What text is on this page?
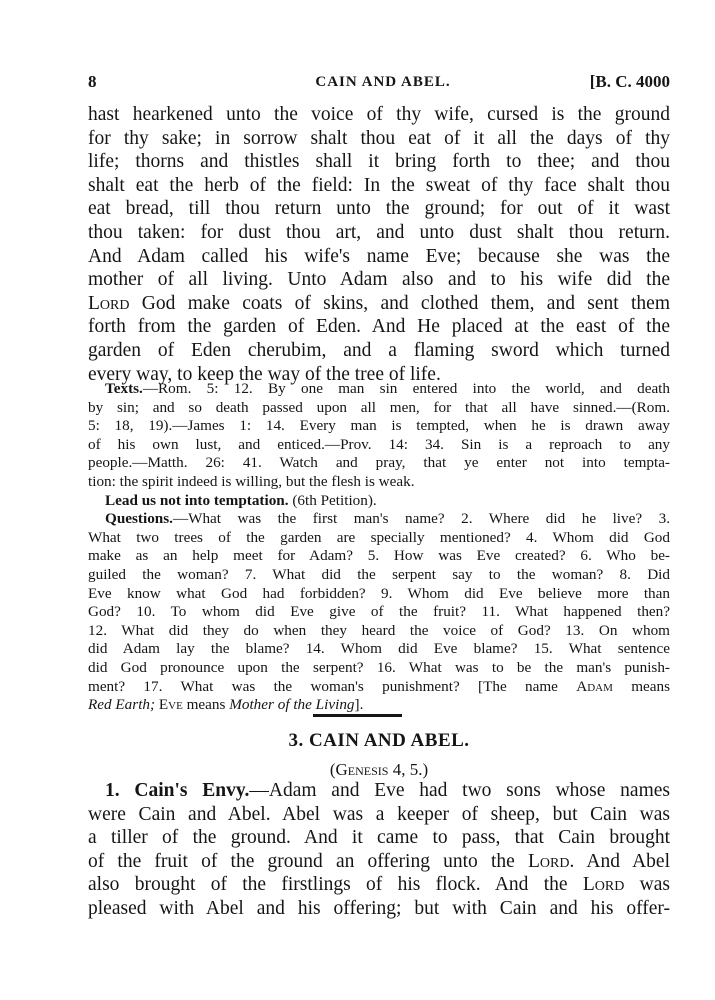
8	CAIN AND ABEL.	[B. C. 4000
hast hearkened unto the voice of thy wife, cursed is the ground
for thy sake; in sorrow shalt thou eat of it all the days of thy
life; thorns and thistles shall it bring forth to thee; and thou
shalt eat the herb of the field: In the sweat of thy face shalt thou
eat bread, till thou return unto the ground; for out of it wast
thou taken: for dust thou art, and unto dust shalt thou return.
And Adam called his wife's name Eve; because she was the
mother of all living. Unto Adam also and to his wife did the
Lord God make coats of skins, and clothed them, and sent them
forth from the garden of Eden. And He placed at the east of the
garden of Eden cherubim, and a flaming sword which turned
every way, to keep the way of the tree of life.
Texts.—Rom. 5: 12. By one man sin entered into the world, and death
by sin; and so death passed upon all men, for that all have sinned.—(Rom.
5: 18, 19).—James 1: 14. Every man is tempted, when he is drawn away
of his own lust, and enticed.—Prov. 14: 34. Sin is a reproach to any
people.—Matth. 26: 41. Watch and pray, that ye enter not into tempta-
tion: the spirit indeed is willing, but the flesh is weak.
Lead us not into temptation. (6th Petition).
Questions.—What was the first man's name? 2. Where did he live? 3.
What two trees of the garden are specially mentioned? 4. Whom did God
make as an help meet for Adam? 5. How was Eve created? 6. Who be-
guiled the woman? 7. What did the serpent say to the woman? 8. Did
Eve know what God had forbidden? 9. Whom did Eve believe more than
God? 10. To whom did Eve give of the fruit? 11. What happened then?
12. What did they do when they heard the voice of God? 13. On whom
did Adam lay the blame? 14. Whom did Eve blame? 15. What sentence
did God pronounce upon the serpent? 16. What was to be the man's punish-
ment? 17. What was the woman's punishment? [The name Adam means
Red Earth; Eve means Mother of the Living].
3. CAIN AND ABEL.
(Genesis 4, 5.)
1. Cain's Envy.—Adam and Eve had two sons whose names
were Cain and Abel. Abel was a keeper of sheep, but Cain was
a tiller of the ground. And it came to pass, that Cain brought
of the fruit of the ground an offering unto the Lord. And Abel
also brought of the firstlings of his flock. And the Lord was
pleased with Abel and his offering; but with Cain and his offer-
